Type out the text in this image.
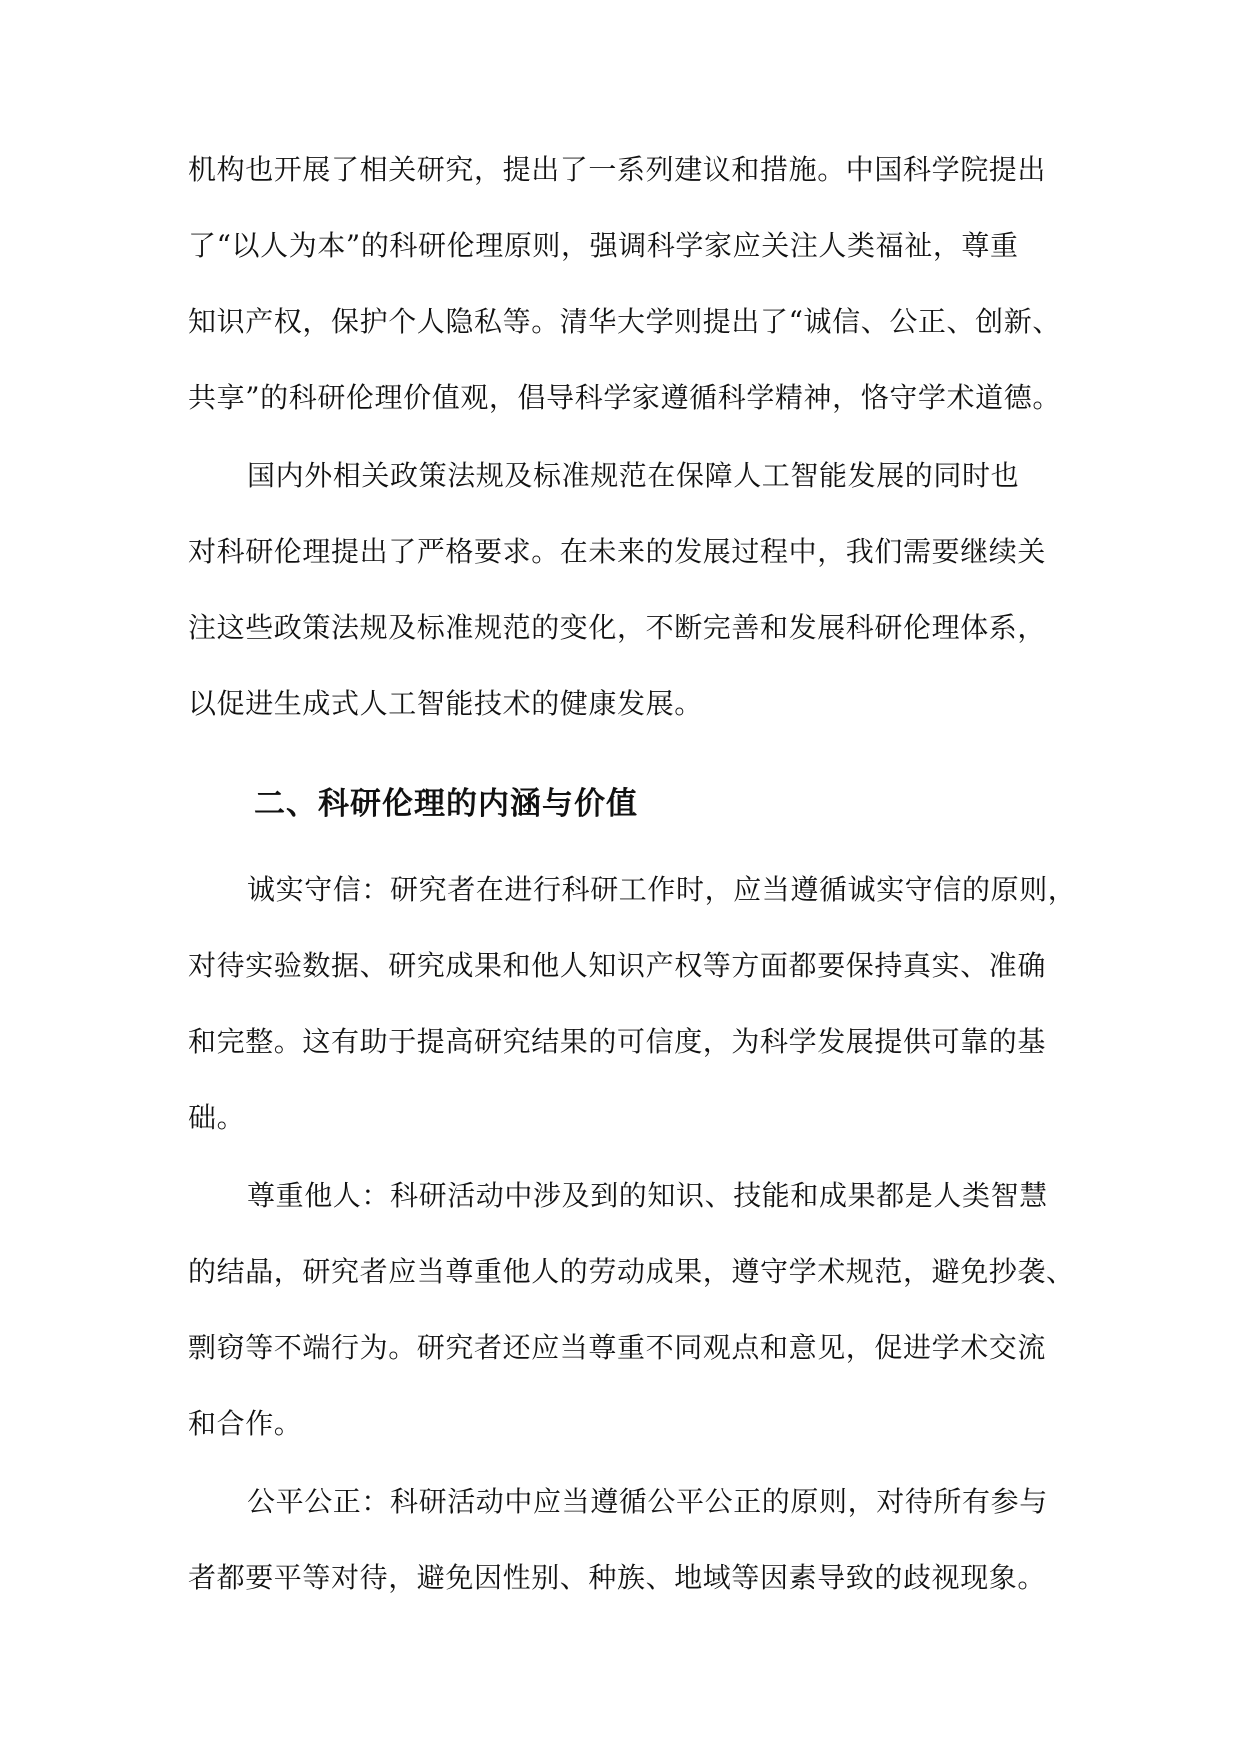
机构也开展了相关研究，提出了一系列建议和措施。中国科学院提出
了“以人为本”的科研伦理原则，强调科学家应关注人类福祉，尊重
知识产权，保护个人隐私等。清华大学则提出了“诚信、公正、创新、
共享”的科研伦理价值观，倡导科学家遵循科学精神，恪守学术道德。
国内外相关政策法规及标准规范在保障人工智能发展的同时也
对科研伦理提出了严格要求。在未来的发展过程中，我们需要继续关
注这些政策法规及标准规范的变化，不断完善和发展科研伦理体系，
以促进生成式人工智能技术的健康发展。
二、科研伦理的内涵与价值
诚实守信：研究者在进行科研工作时，应当遵循诚实守信的原则，
对待实验数据、研究成果和他人知识产权等方面都要保持真实、准确
和完整。这有助于提高研究结果的可信度，为科学发展提供可靠的基
础。
尊重他人：科研活动中涉及到的知识、技能和成果都是人类智慧
的结晶，研究者应当尊重他人的劳动成果，遵守学术规范，避免抄袭、
剽窃等不端行为。研究者还应当尊重不同观点和意见，促进学术交流
和合作。
公平公正：科研活动中应当遵循公平公正的原则，对待所有参与
者都要平等对待，避免因性别、种族、地域等因素导致的歧视现象。
